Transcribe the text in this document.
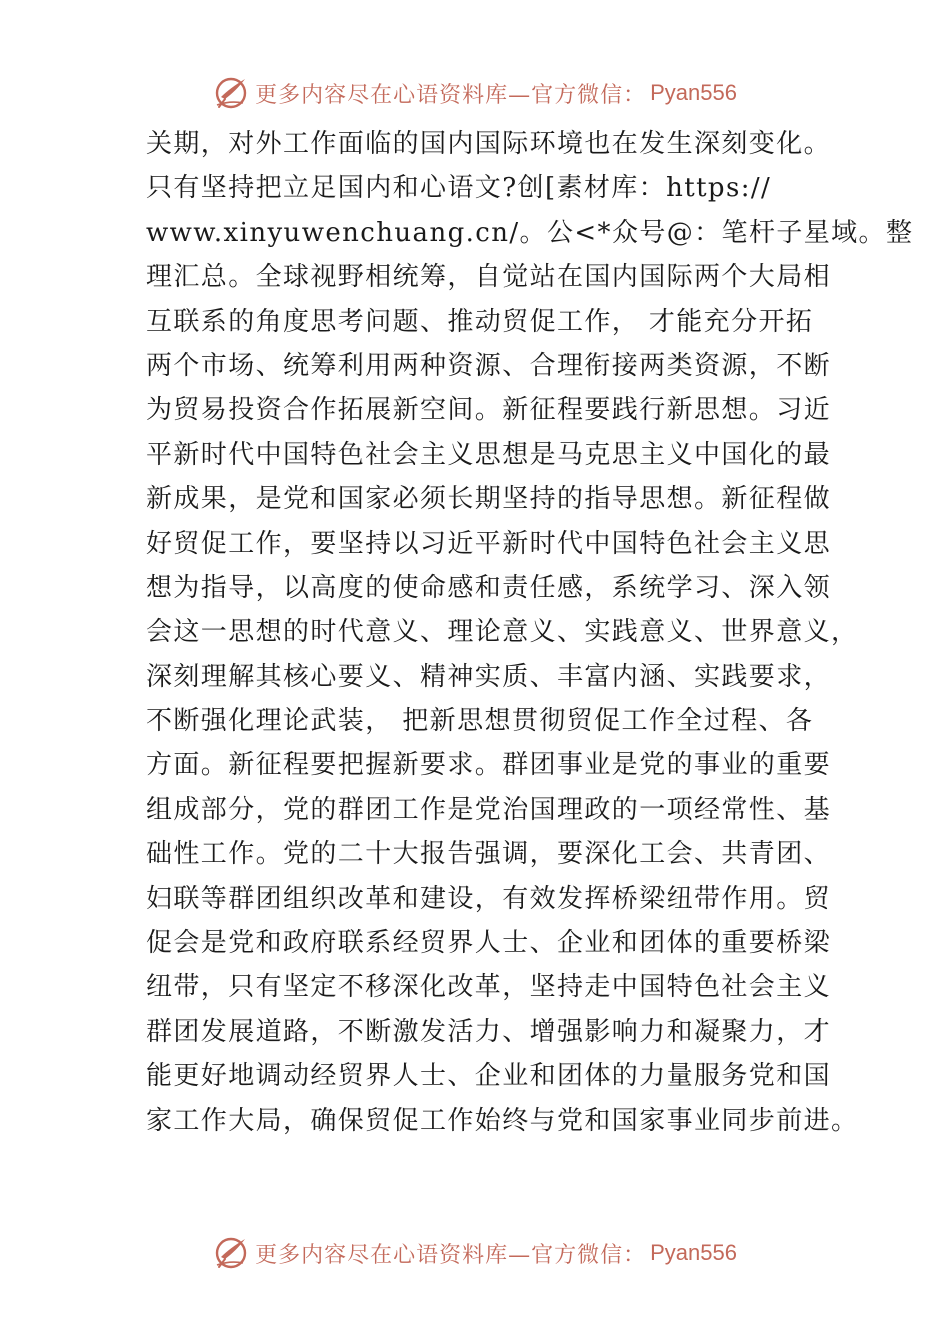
更多内容尽在心语资料库—官方微信： Pyan556
关期，对外工作面临的国内国际环境也在发生深刻变化。
只有坚持把立足国内和心语文?创[素材库：https://
www.xinyuwenchuang.cn/。公<*众号@：笔杆子星域。整
理汇总。全球视野相统筹，自觉站在国内国际两个大局相
互联系的角度思考问题、推动贸促工作， 才能充分开拓
两个市场、统筹利用两种资源、合理衔接两类资源，不断
为贸易投资合作拓展新空间。新征程要践行新思想。习近
平新时代中国特色社会主义思想是马克思主义中国化的最
新成果，是党和国家必须长期坚持的指导思想。新征程做
好贸促工作，要坚持以习近平新时代中国特色社会主义思
想为指导，以高度的使命感和责任感，系统学习、深入领
会这一思想的时代意义、理论意义、实践意义、世界意义，
深刻理解其核心要义、精神实质、丰富内涵、实践要求，
不断强化理论武装， 把新思想贯彻贸促工作全过程、各
方面。新征程要把握新要求。群团事业是党的事业的重要
组成部分，党的群团工作是党治国理政的一项经常性、基
础性工作。党的二十大报告强调，要深化工会、共青团、
妇联等群团组织改革和建设，有效发挥桥梁纽带作用。贸
促会是党和政府联系经贸界人士、企业和团体的重要桥梁
纽带，只有坚定不移深化改革，坚持走中国特色社会主义
群团发展道路，不断激发活力、增强影响力和凝聚力，才
能更好地调动经贸界人士、企业和团体的力量服务党和国
家工作大局，确保贸促工作始终与党和国家事业同步前进。
更多内容尽在心语资料库—官方微信： Pyan556
